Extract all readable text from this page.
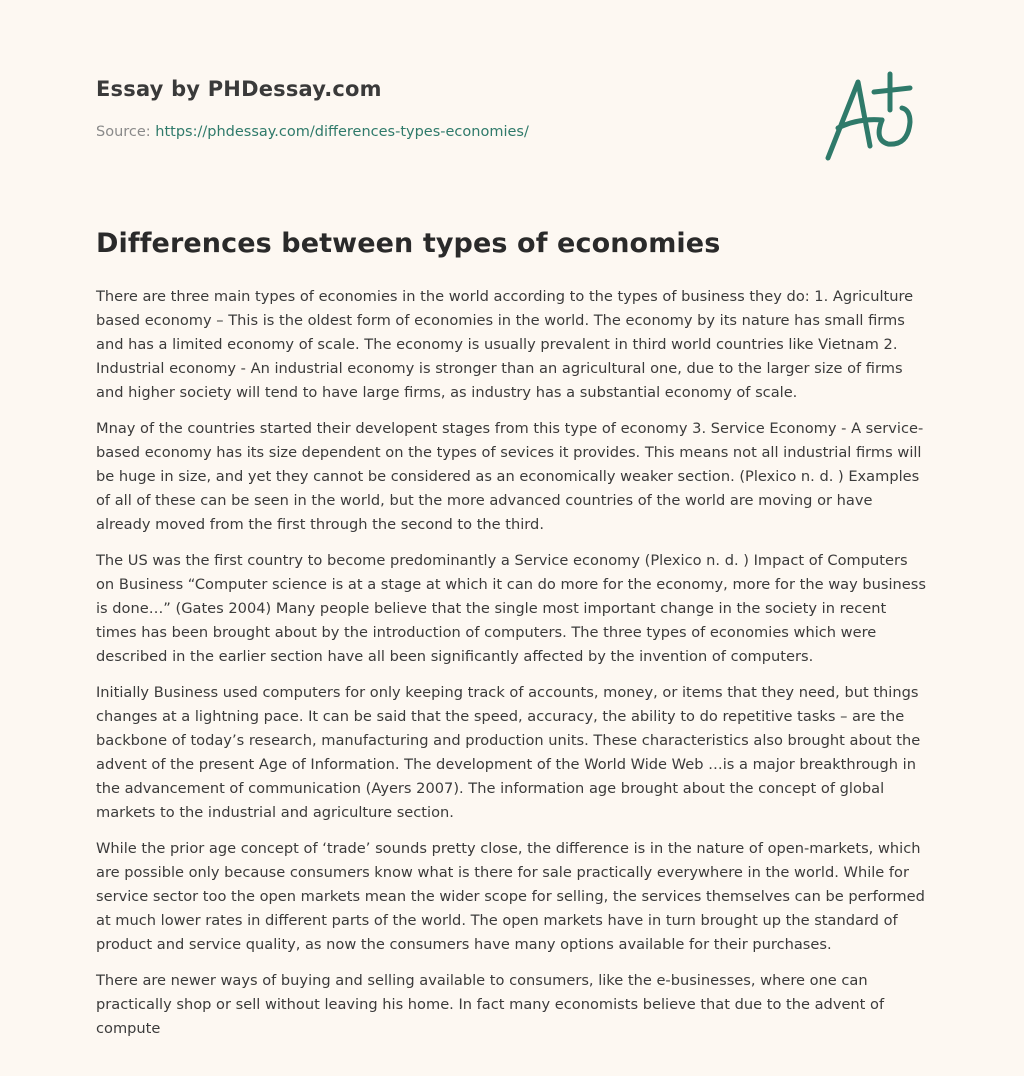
Essay by PHDessay.com
Source: https://phdessay.com/differences-types-economies/
Differences between types of economies

There are three main types of economies in the world according to the types of business they do: 1. Agriculture based economy – This is the oldest form of economies in the world. The economy by its nature has small firms and has a limited economy of scale. The economy is usually prevalent in third world countries like Vietnam 2. Industrial economy - An industrial economy is stronger than an agricultural one, due to the larger size of firms and higher society will tend to have large firms, as industry has a substantial economy of scale.

Mnay of the countries started their developent stages from this type of economy 3. Service Economy - A service-based economy has its size dependent on the types of sevices it provides. This means not all industrial firms will be huge in size, and yet they cannot be considered as an economically weaker section. (Plexico n. d. ) Examples of all of these can be seen in the world, but the more advanced countries of the world are moving or have already moved from the first through the second to the third.

The US was the first country to become predominantly a Service economy (Plexico n. d. ) Impact of Computers on Business “Computer science is at a stage at which it can do more for the economy, more for the way business is done…” (Gates 2004) Many people believe that the single most important change in the society in recent times has been brought about by the introduction of computers. The three types of economies which were described in the earlier section have all been significantly affected by the invention of computers.

Initially Business used computers for only keeping track of accounts, money, or items that they need, but things changes at a lightning pace. It can be said that the speed, accuracy, the ability to do repetitive tasks – are the backbone of today’s research, manufacturing and production units. These characteristics also brought about the advent of the present Age of Information. The development of the World Wide Web …is a major breakthrough in the advancement of communication (Ayers 2007). The information age brought about the concept of global markets to the industrial and agriculture section.

While the prior age concept of ‘trade’ sounds pretty close, the difference is in the nature of open-markets, which are possible only because consumers know what is there for sale practically everywhere in the world. While for service sector too the open markets mean the wider scope for selling, the services themselves can be performed at much lower rates in different parts of the world. The open markets have in turn brought up the standard of product and service quality, as now the consumers have many options available for their purchases.

There are newer ways of buying and selling available to consumers, like the e-businesses, where one can practically shop or sell without leaving his home. In fact many economists believe that due to the advent of compute
